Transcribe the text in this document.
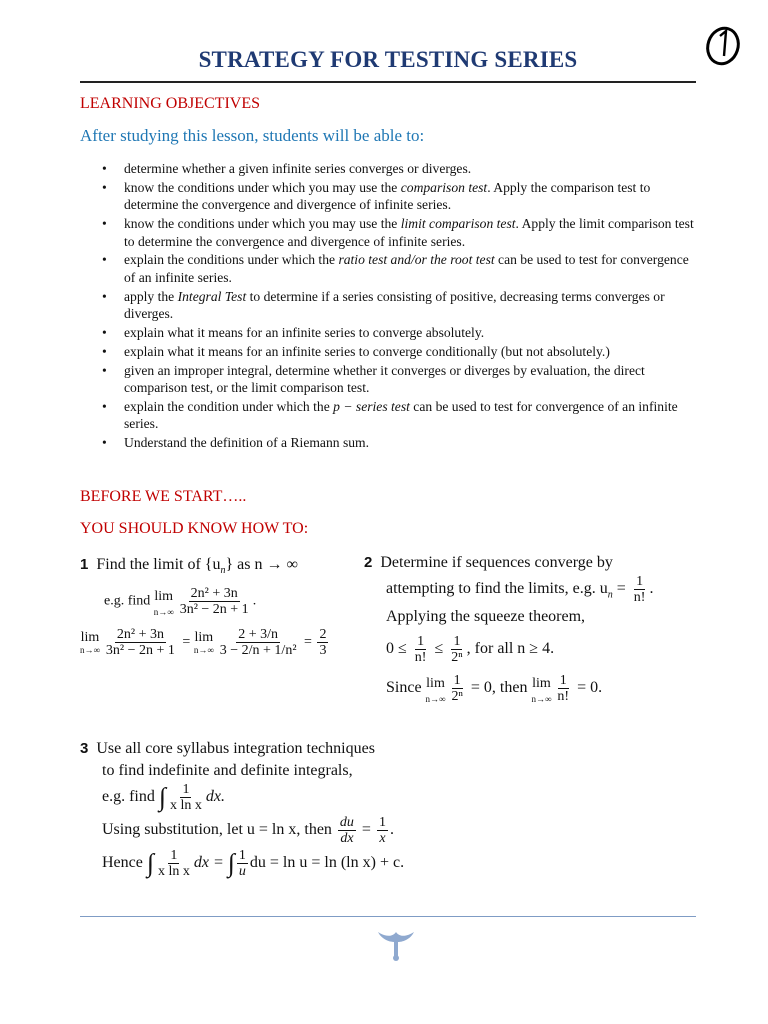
STRATEGY FOR TESTING SERIES
LEARNING OBJECTIVES
After studying this lesson, students will be able to:
• determine whether a given infinite series converges or diverges.
• know the conditions under which you may use the comparison test. Apply the comparison test to determine the convergence and divergence of infinite series.
• know the conditions under which you may use the limit comparison test. Apply the limit comparison test to determine the convergence and divergence of infinite series.
• explain the conditions under which the ratio test and/or the root test can be used to test for convergence of an infinite series.
• apply the Integral Test to determine if a series consisting of positive, decreasing terms converges or diverges.
• explain what it means for an infinite series to converge absolutely.
• explain what it means for an infinite series to converge conditionally (but not absolutely.)
• given an improper integral, determine whether it converges or diverges by evaluation, the direct comparison test, or the limit comparison test.
• explain the condition under which the p − series test can be used to test for convergence of an infinite series.
• Understand the definition of a Riemann sum.
BEFORE WE START…..
YOU SHOULD KNOW HOW TO:
1 Find the limit of $\{u_n\}$ as n → ∞
e.g. find lim
$n\to\infty \frac{\text{2n² + 3n}}{\text{3n² − 2n + 1}}$ .
lim
$n\to\infty \frac{\text{2n² + 3n}}{\text{3n² − 2n + 1}} = \lim$
$n\to\infty \frac{2 + 3/n}{\text{3 − 2/n + 1/n²}} = \frac{2}{3}$
2 Determine if sequences converge by
attempting to find the limits, e.g. $u_n = \frac{1}{n!}$ .
Applying the squeeze theorem,
$0 \le \frac{1}{n!} \le \frac{1}{\text{2ⁿ}}$ , for all n ≥ 4.
Since lim
$n\to\infty \frac{1}{\text{2ⁿ}} = 0$, then lim
$n\to\infty \frac{1}{n!} = 0$.
3 Use all core syllabus integration techniques
to find indefinite and definite integrals,
e.g. find ∫ $\frac{1}{\text{x ln x}}$ dx.
Using substitution, let u = ln x, then $\frac{du}{dx} = \frac{1}{x}$ .
Hence ∫ $\frac{1}{\text{x ln x}}$ dx = ∫ $\frac{1}{u}$ du = ln u = ln (ln x) + c.
